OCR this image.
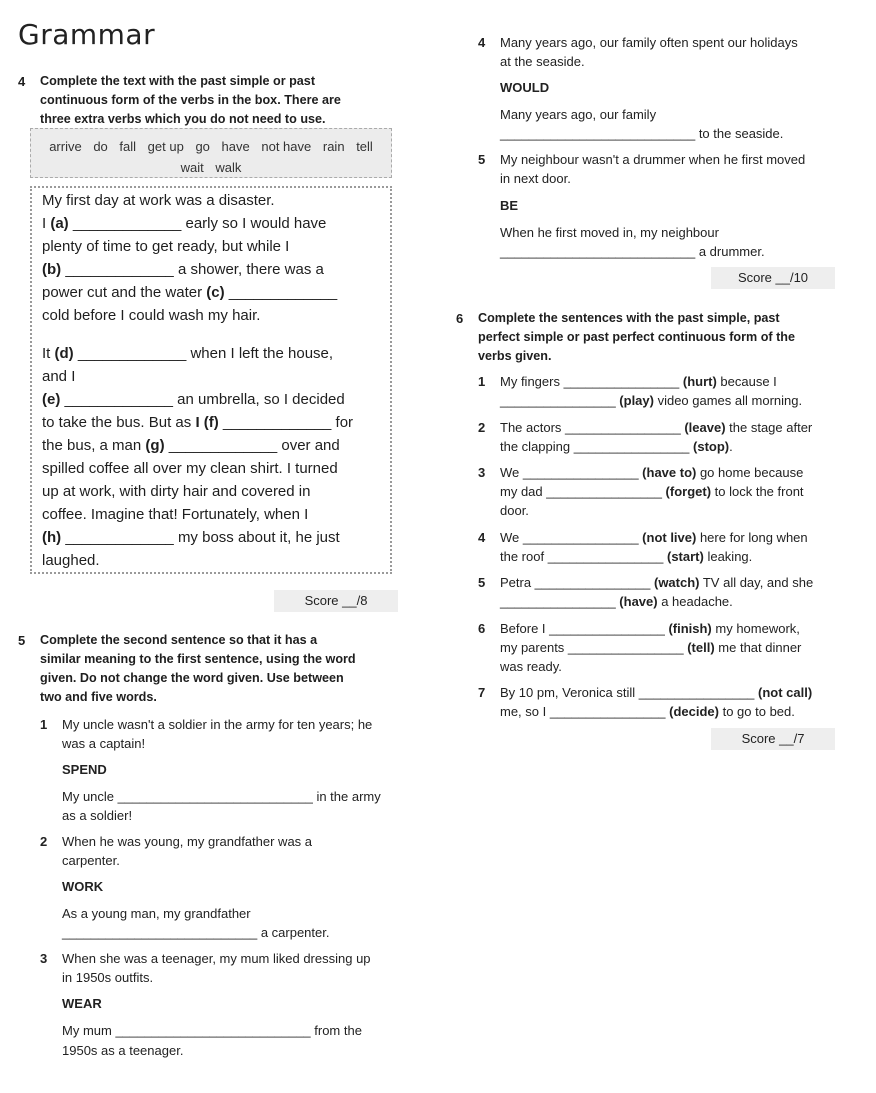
Grammar
4 Complete the text with the past simple or past
continuous form of the verbs in the box. There are
three extra verbs which you do not need to use.
arrive do fall get up go have not have rain tell
wait walk
My first day at work was a disaster.
I (a) _____________ early so I would have
plenty of time to get ready, but while I
(b) _____________ a shower, there was a
power cut and the water (c) _____________
cold before I could wash my hair.
It (d) _____________ when I left the house,
and I
(e) _____________ an umbrella, so I decided
to take the bus. But as I (f) _____________ for
the bus, a man (g) _____________ over and
spilled coffee all over my clean shirt. I turned
up at work, with dirty hair and covered in
coffee. Imagine that! Fortunately, when I
(h) _____________ my boss about it, he just
laughed.
Score __/8
5 Complete the second sentence so that it has a
similar meaning to the first sentence, using the word
given. Do not change the word given. Use between
two and five words.
1 My uncle wasn't a soldier in the army for ten years; he
was a captain!
SPEND
My uncle ___________________________ in the army
as a soldier!
2 When he was young, my grandfather was a
carpenter.
WORK
As a young man, my grandfather
___________________________ a carpenter.
3 When she was a teenager, my mum liked dressing up
in 1950s outfits.
WEAR
My mum ___________________________ from the
1950s as a teenager.
4 Many years ago, our family often spent our holidays
at the seaside.
WOULD
Many years ago, our family
___________________________ to the seaside.
5 My neighbour wasn't a drummer when he first moved
in next door.
BE
When he first moved in, my neighbour
___________________________ a drummer.
Score __/10
6 Complete the sentences with the past simple, past
perfect simple or past perfect continuous form of the
verbs given.
1 My fingers ________________ (hurt) because I
________________ (play) video games all morning.
2 The actors ________________ (leave) the stage after
the clapping ________________ (stop).
3 We ________________ (have to) go home because
my dad ________________ (forget) to lock the front
door.
4 We ________________ (not live) here for long when
the roof ________________ (start) leaking.
5 Petra ________________ (watch) TV all day, and she
________________ (have) a headache.
6 Before I ________________ (finish) my homework,
my parents ________________ (tell) me that dinner
was ready.
7 By 10 pm, Veronica still ________________ (not call)
me, so I ________________ (decide) to go to bed.
Score __/7
